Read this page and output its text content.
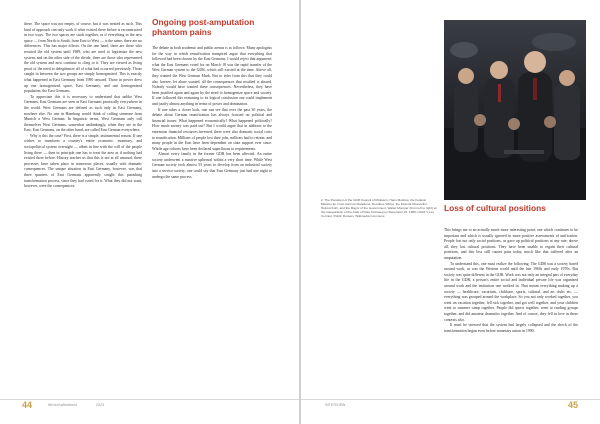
these. The space was not empty, of course, but it was treated as such. This kind of approach can only work if what existed there before is reconstructed in two ways. The two spaces are stuck together, as if everything in the new space — from North to South, from East to West — is the same; there are no differences. This has major effects. On the one hand, there are those who resisted the old system until 1989, who are used to legitimize the new system, and on the other side of the divide, there are those who represented the old system and now continue to cling to it. They are viewed as living proof of the need to delegitimize all of what had occurred previously. Those caught in between the two groups are simply homogenized. This is exactly what happened in East Germany from 1990 onward. Those in power drew up one homogenized space, East Germany, and one homogenized population, the East Germans.

To appreciate this it is necessary to understand that unlike West Germans, East Germans are seen as East Germans practically everywhere in the world. West Germans are defined as such only in East Germany, nowhere else. No one in Hamburg would think of calling someone from Munich a West German. In linguistic terms, West Germans only call themselves West Germans, somewhat unthinkingly, when they are in the East; East Germans, on the other hand, are called East German everywhere.

Why is this the case? First, there is a simple, instrumental reason. If one wishes to transform a country's entire economic, monetary, and sociopolitical system overnight — albeit in line with the will of the people living there — then in principle one has to treat the area as if nothing had existed there before. History teaches us that this is not at all unusual; these processes have taken place in numerous places, usually with dramatic consequences. The unique situation in East Germany, however, was that three quarters of East Germans apparently sought this punishing transformation process, since they had voted for it. What they did not want, however, were the consequences.

Ongoing post-amputation phantom pains

The debate in both academic and public arenas is as follows: Many apologists for the way in which reunification transpired argue that everything that followed had been chosen by the East Germans. I would reject that argument: what the East Germans voted for on March 18 was the rapid transfer of the West German system to the GDR, which still existed at the time. Above all, they wanted the West German Mark. But to infer from this that they could also foresee, let alone wanted, all the consequences that resulted is absurd. Nobody would have wanted these consequences. Nevertheless, they have been justified again and again by the need to homogenize space and society. If one followed this reasoning to its logical conclusion one could implement and justify almost anything in terms of power and domination.

If one takes a closer look, one can see that over the past 30 years, the debate about German reunification has always focused on political and financial issues: What happened economically? What happened politically? How much money was paid out? But I would argue that in addition to the enormous financial resources invested, there were also dramatic social costs to reunification. Millions of people lost their jobs, millions had to retrain, and many people in the East have been dependent on state support ever since. Whole age cohorts have been declared superfluous to requirements.

Almost every family in the former GDR has been affected. An entire society underwent a massive upheaval within a very short time. While West German society took almost 35 years to develop from an industrial society into a service society, one could say that East Germany just had one night to undergo the same process.

44	Wirtschaftsdienst	2023

2. The President of the GDR Council of Ministers, Hans Modrow, the Federal Minister for Inner-German Relations, Dorothee Wilms, the Federal Chancellor, Helmut Kohl, and the Mayor of the Government, Walter Momper (from left to right) at the inauguration of the Cafe of Rote Amtsweg on December 22, 1989 | 2022 © Lex Cormier, Public Domain, Wikimedia Commons

Loss of cultural positions

This brings me to an actually much more interesting point, one which continues to be important and which is usually ignored in more positive assessments of unification. People lost not only social positions, as gave up political positions at any rate; above all, they lost cultural positions. They have been unable to regain their cultural positions, and this loss still causes pain today, much like that suffered after an amputation.

To understand this, one must realize the following: The GDR was a society based around work, as was the Western world until the late 1960s and early 1970s. But society was quite different in the GDR. Work was not only an integral part of everyday life in the GDR; a person's entire social and individual private life was organized around work and the institution one worked in. That meant everything making up a society — healthcare, vacations, childcare, sports, cultural, and art clubs etc. — everything was grouped around the workplace. So you not only worked together, you went on vacation together, fell sick together, and got well together, and your children went to summer camp together. People did sports together, went to reading groups together, and did amateur dramatics together. And of course, they fell in love in these contexts also.

It must be stressed that the system had largely collapsed and the shock of the transformation began even before monetary union in 1990.

INTERVIEW	45
